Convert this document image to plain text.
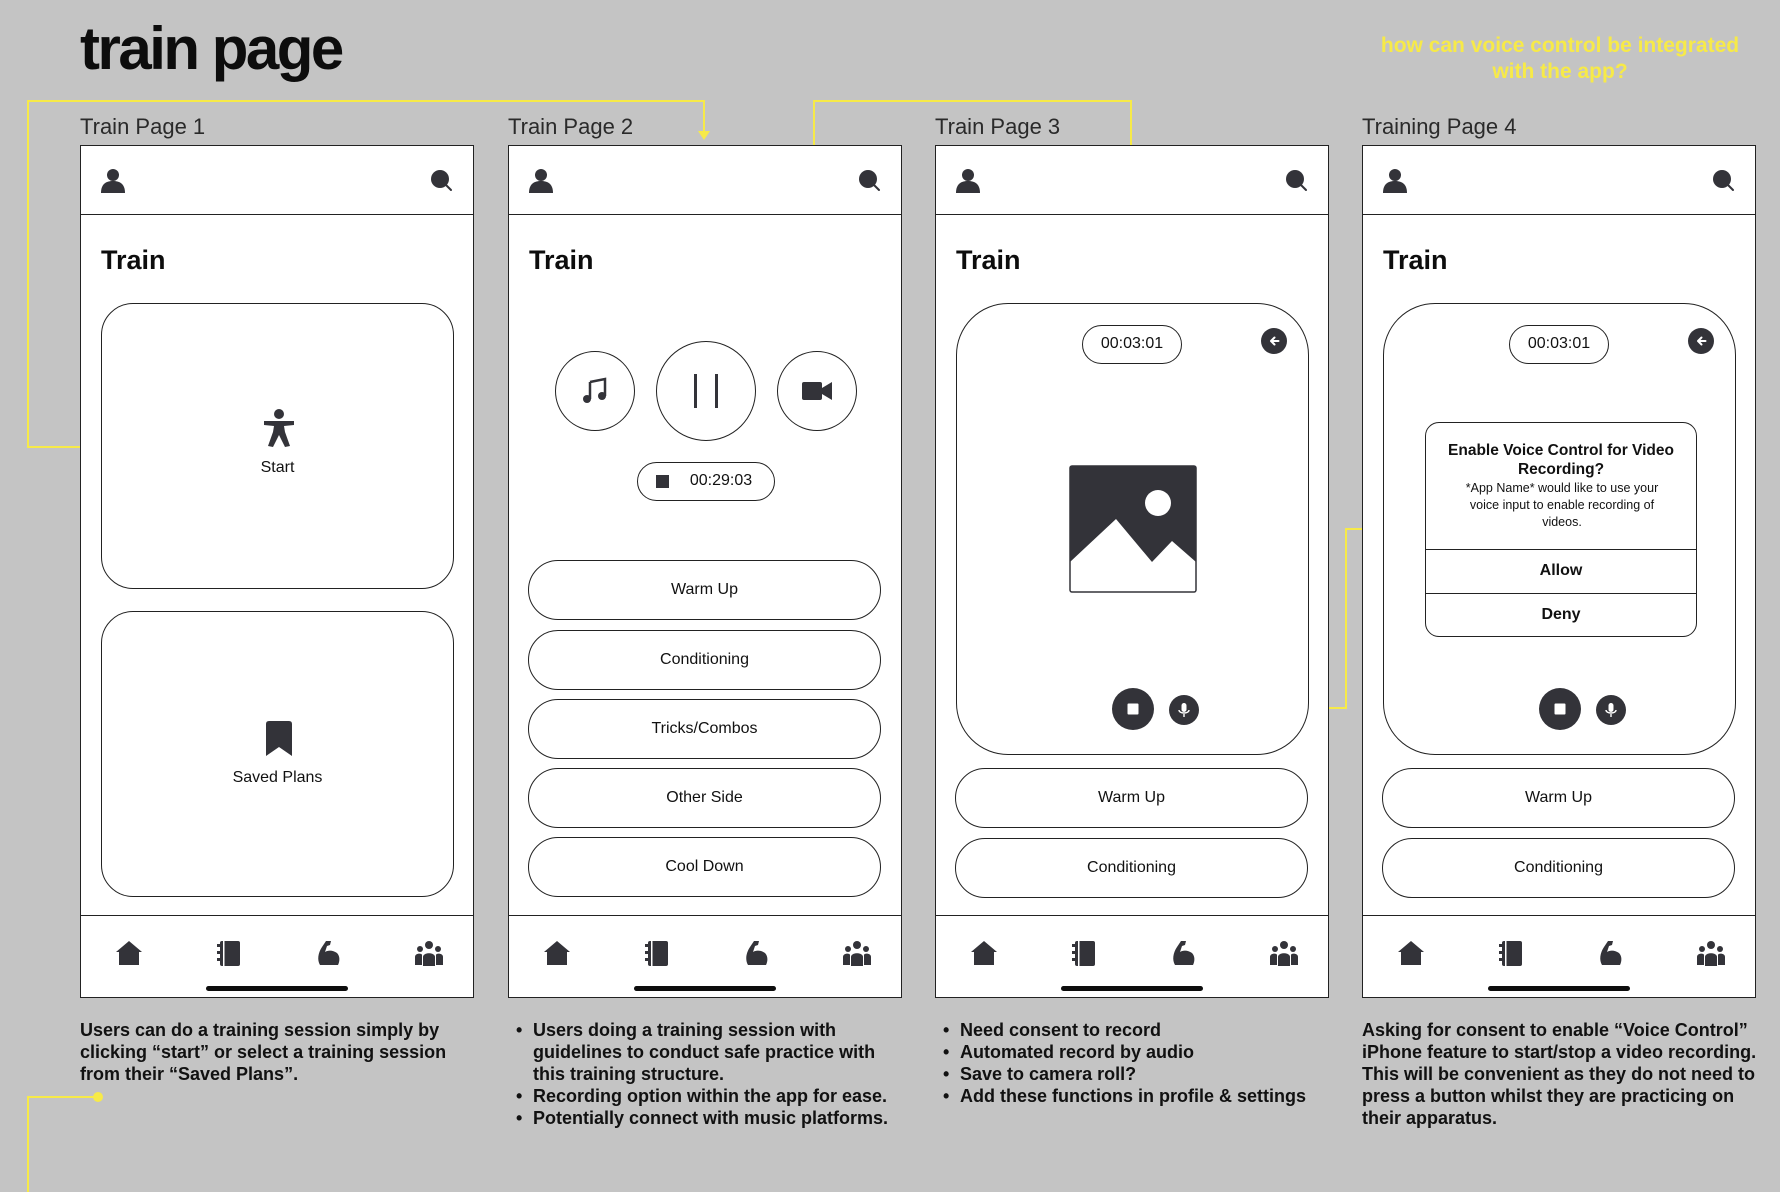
train page	how can voice control be integrated with the app?
Train Page 1
Train
Start
Saved Plans
Users can do a training session simply by clicking “start” or select a training session from their “Saved Plans”.
Train Page 2
Train
00:29:03
Warm Up
Conditioning
Tricks/Combos
Other Side
Cool Down
• Users doing a training session with guidelines to conduct safe practice with this training structure.
• Recording option within the app for ease.
• Potentially connect with music platforms.
Train Page 3
Train
00:03:01
Warm Up
Conditioning
• Need consent to record
• Automated record by audio
• Save to camera roll?
• Add these functions in profile & settings
Training Page 4
Train
00:03:01
Enable Voice Control for Video Recording?
*App Name* would like to use your voice input to enable recording of videos.
Allow
Deny
Warm Up
Conditioning
Asking for consent to enable “Voice Control” iPhone feature to start/stop a video recording. This will be convenient as they do not need to press a button whilst they are practicing on their apparatus.
